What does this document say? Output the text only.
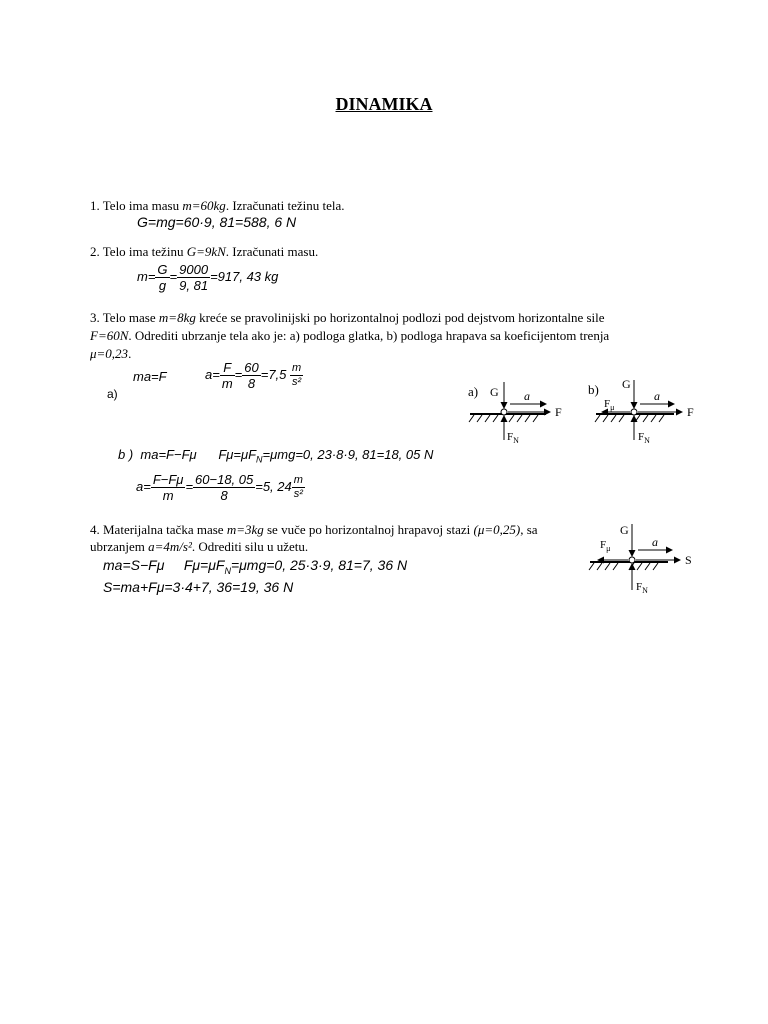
DINAMIKA
1. Telo ima masu m=60kg. Izračunati težinu tela.
G=mg=60·9, 81=588, 6 N
2. Telo ima težinu G=9kN. Izračunati masu.
$m= \frac{G}{g} = \frac{9000}{9, 81} =917$, 43 kg
3. Telo mase m=8kg kreće se pravolinijski po horizontalnoj podlozi pod dejstvom horizontalne sile
F=60N. Odrediti ubrzanje tela ako je: a) podloga glatka, b) podloga hrapava sa koeficijentom trenja
μ=0,23.
a)
ma=F	$a= \frac{F}{m} = \frac{60}{8} =7,5 \frac{m}{\text{s²}}$
b ) ma=F−Fμ $F\mu=\mu F_N=\mu mg=0$, 23·8·9, 81=18, 05 N
$a= \frac{F-F\mu}{m} = \frac{60-18, 05}{8} =5$, $24 \frac{m}{\text{s²}}$
a) G
$F_N$
a
F
b) G
$F_N$
$F_\mu$
a
F
4. Materijalna tačka mase m=3kg se vuče po horizontalnoj hrapavoj stazi (μ=0,25), sa
ubrzanjem a=4m/s². Odrediti silu u užetu.
ma=S−Fμ $F\mu=\mu F_N=\mu mg=0$, 25·3·9, 81=7, 36 N
S=ma+Fμ=3·4+7, 36=19, 36 N
G
$F_N$
$F_\mu$	a
S
